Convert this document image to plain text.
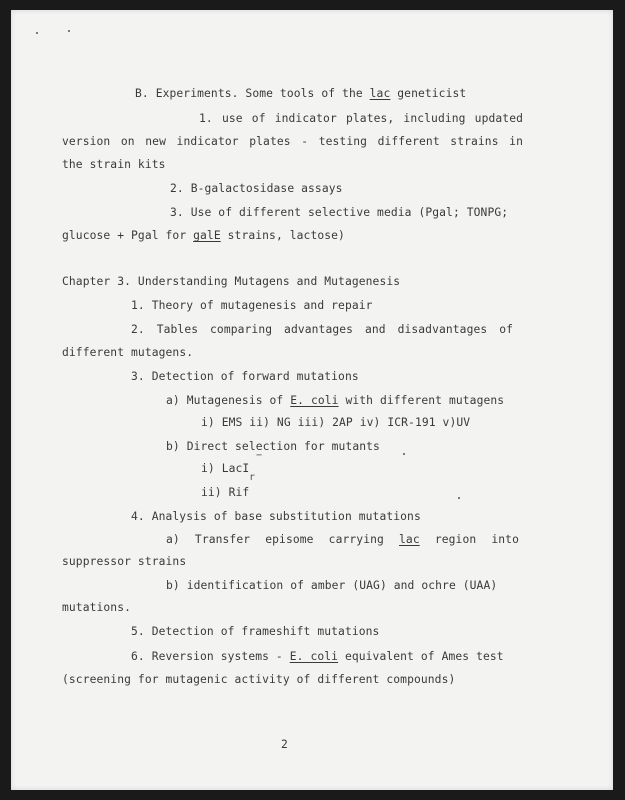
B. Experiments. Some tools of the lac geneticist
1. use of indicator plates, including updated
version on new indicator plates - testing different strains in
the strain kits
2. B-galactosidase assays
3. Use of different selective media (Pgal; TONPG;
glucose + Pgal for galE strains, lactose)
Chapter 3. Understanding Mutagens and Mutagenesis
1. Theory of mutagenesis and repair
2. Tables comparing advantages and disadvantages of
different mutagens.
3. Detection of forward mutations
a) Mutagenesis of E. coli with different mutagens
i) EMS ii) NG iii) 2AP iv) ICR-191 v)UV
b) Direct selection for mutants
−
i) LacI
r
ii) Rif
4. Analysis of base substitution mutations
a) Transfer episome carrying lac region into
suppressor strains
b) identification of amber (UAG) and ochre (UAA)
mutations.
5. Detection of frameshift mutations
6. Reversion systems - E. coli equivalent of Ames test
(screening for mutagenic activity of different compounds)
2
